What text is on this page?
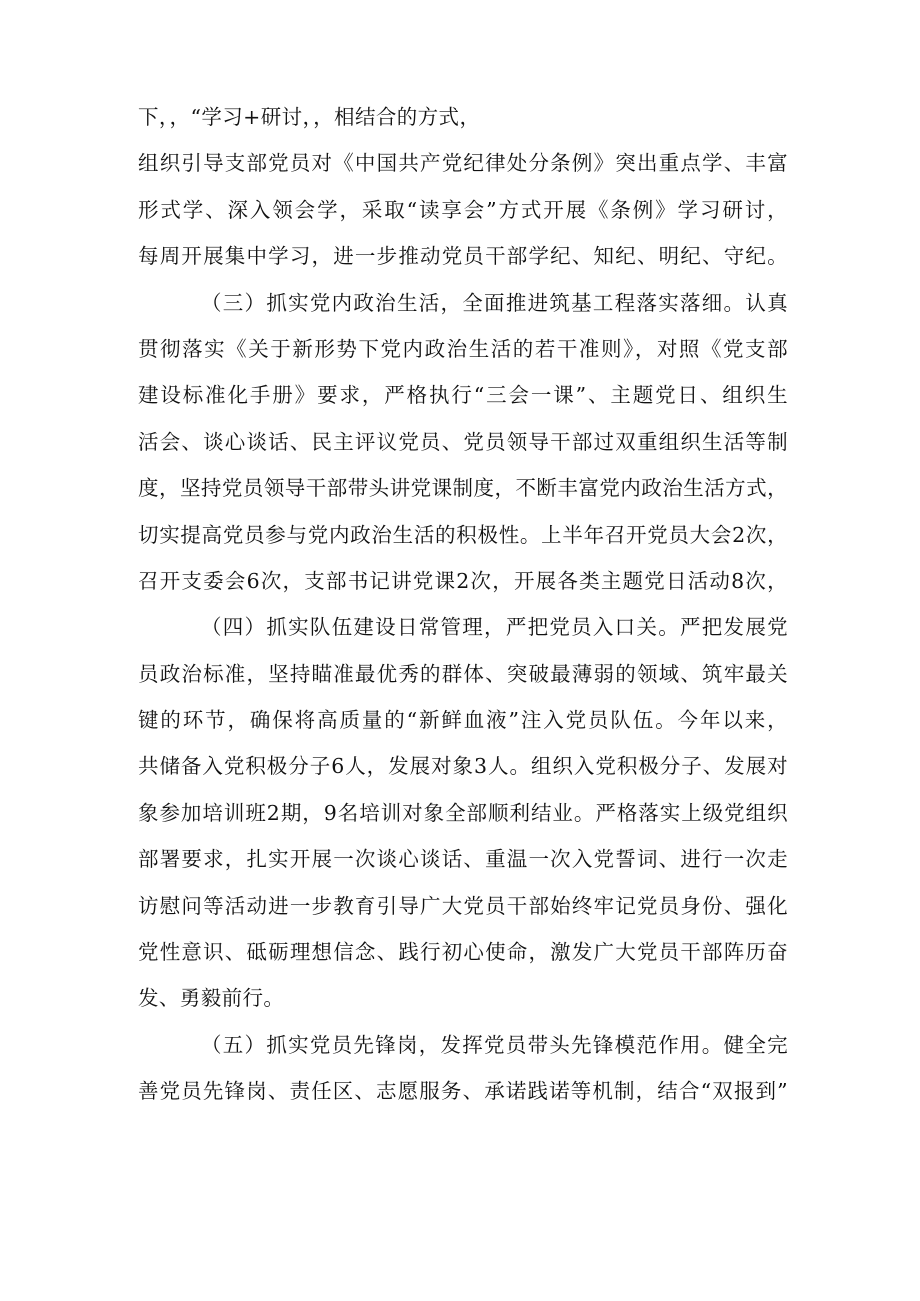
下，，“学习+研讨，，相结合的方式，
组织引导支部党员对《中国共产党纪律处分条例》突出重点学、丰富
形式学、深入领会学，采取“读享会”方式开展《条例》学习研讨，
每周开展集中学习，进一步推动党员干部学纪、知纪、明纪、守纪。
（三）抓实党内政治生活，全面推进筑基工程落实落细。认真
贯彻落实《关于新形势下党内政治生活的若干准则》，对照《党支部
建设标准化手册》要求，严格执行“三会一课”、主题党日、组织生
活会、谈心谈话、民主评议党员、党员领导干部过双重组织生活等制
度，坚持党员领导干部带头讲党课制度，不断丰富党内政治生活方式，
切实提高党员参与党内政治生活的积极性。上半年召开党员大会2次，
召开支委会6次，支部书记讲党课2次，开展各类主题党日活动8次，
（四）抓实队伍建设日常管理，严把党员入口关。严把发展党
员政治标准，坚持瞄准最优秀的群体、突破最薄弱的领域、筑牢最关
键的环节，确保将高质量的“新鲜血液”注入党员队伍。今年以来，
共储备入党积极分子6人，发展对象3人。组织入党积极分子、发展对
象参加培训班2期，9名培训对象全部顺利结业。严格落实上级党组织
部署要求，扎实开展一次谈心谈话、重温一次入党誓词、进行一次走
访慰问等活动进一步教育引导广大党员干部始终牢记党员身份、强化
党性意识、砥砺理想信念、践行初心使命，激发广大党员干部阵历奋
发、勇毅前行。
（五）抓实党员先锋岗，发挥党员带头先锋模范作用。健全完
善党员先锋岗、责任区、志愿服务、承诺践诺等机制，结合“双报到”
